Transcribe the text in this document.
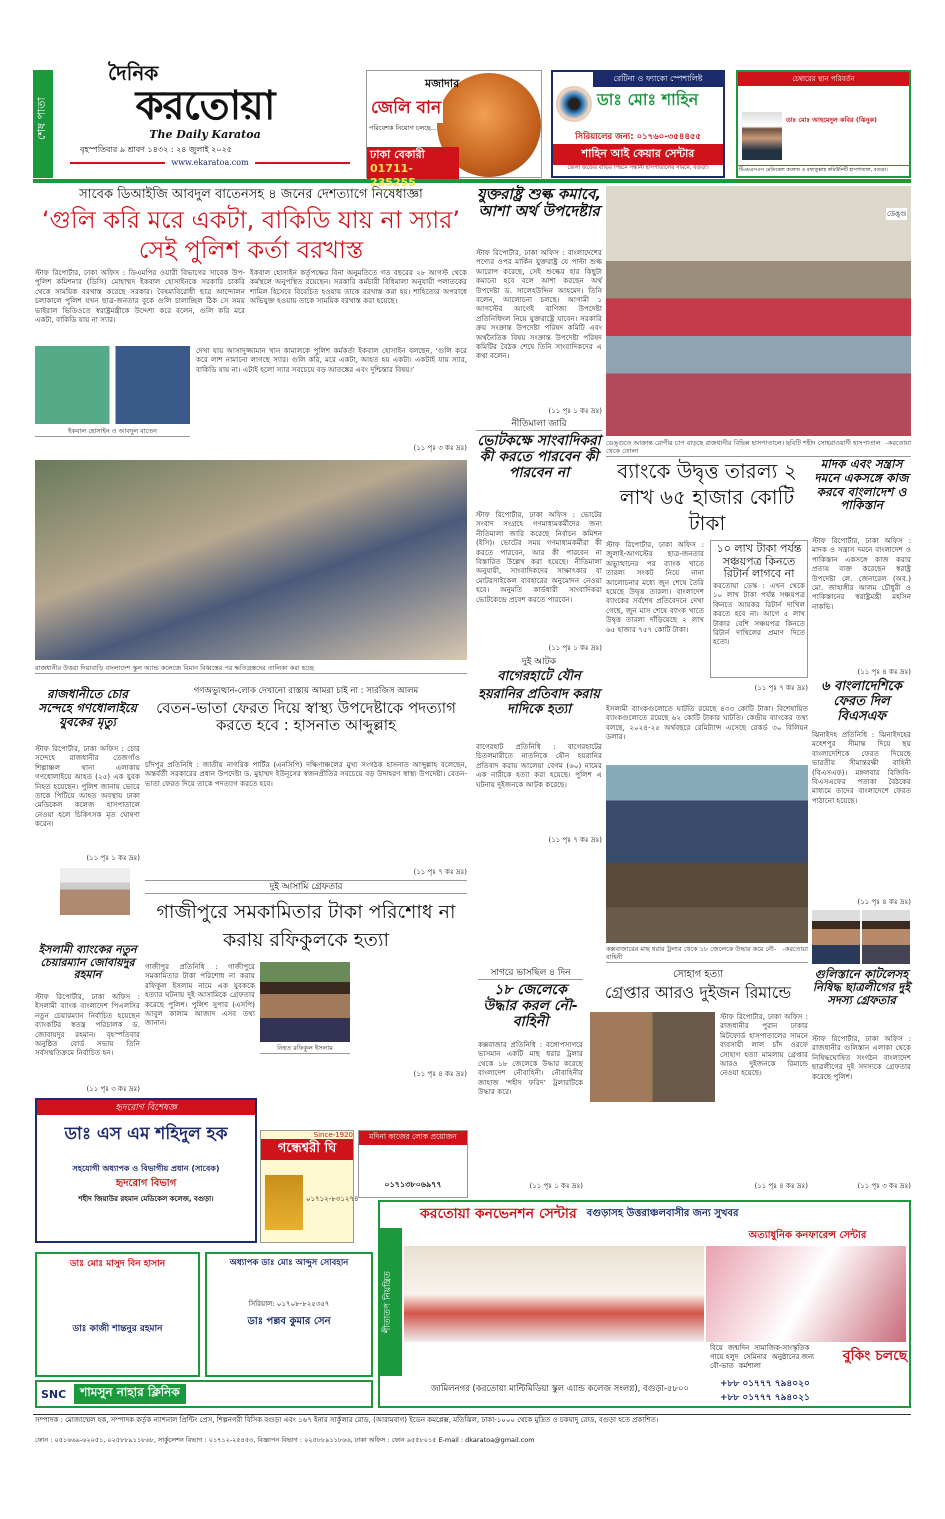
শেষ পাতা
দৈনিক
করতোয়া
The Daily Karatoa
বৃহস্পতিবার ৯ শ্রাবণ ১৪৩২ : ২৪ জুলাই ২০২৫
www.ekaratoa.com
মজাদার
জেলি বান
পরিবেশক নিয়োগ চলছে...
ঢাকা বেকারী
01711-235255
রেটিনা ও ফ্যাকো স্পেশালিষ্ট
ডাঃ মোঃ শাহিন
সিরিয়ালের জন্য: ০১৭৬০-৩৫৪৪৫৫
শাহিন আই কেয়ার সেন্টার
জেলা জজের বাড়ির পিছনে সন্ধানী হাসপাতালের সামনে, বগুড়া।
চেম্বারের স্থান পরিবর্তন
ডাঃ মোঃ আহমেদুল কবির (ঝিনুক)
টিএমএসএস মেডিকেল কলেজ ও রফাতুল্লাহ কমিউনিটি হাসপাতাল, বগুড়া।
সাবেক ডিআইজি আবদুল বাতেনসহ ৪ জনের দেশত্যাগে নিষেধাজ্ঞা
‘গুলি করি মরে একটা, বাকিডি যায় না স্যার’ সেই পুলিশ কর্তা বরখাস্ত
স্টাফ রিপোর্টার, ঢাকা অফিস : ডিএমপির ওয়ারী বিভাগের সাবেক উপ-পুলিশ কমিশনার (ডিসি) মোহাম্মদ ইকবাল হোসাইনকে সরকারি চাকরি থেকে সাময়িক বরখাস্ত করেছে সরকার। বৈষম্যবিরোধী ছাত্র আন্দোলন চলাকালে পুলিশ যখন ছাত্র-জনতার বুকে গুলি চালাচ্ছিল ঠিক সে সময় ভাইরাল ভিডিওতে স্বরাষ্ট্রমন্ত্রীকে উদ্দেশ্য করে বলেন, গুলি করি মরে একটা, বাকিডি যায় না স্যার।
ইকবাল হোসাইন কর্তৃপক্ষের বিনা অনুমতিতে গত বছরের ২৮ আগস্ট থেকে কর্মস্থলে অনুপস্থিত রয়েছেন। সরকারি কর্মচারী বিধিমালা অনুযায়ী পলাতকের শামিল হিসেবে বিবেচিত হওয়ায় তাকে বরখাস্ত করা হয়। শাহিত্যের অপরাধে অভিযুক্ত হওয়ায় তাকে সাময়িক বরখাস্ত করা হয়েছে।
ইকবাল হোসাইন ও আবদুল বাতেন
দেখা যায় আসাদুজ্জামান খান কামালকে পুলিশ কর্মকর্তা ইকবাল হোসাইন বলছেন, ‘গুলি করে করে লাশ নামানো লাগছে স্যার। গুলি করি, মরে একটা, আহত হয় একটা। একটাই যায় স্যার, বাকিডি যায় না। এটাই হলো স্যার সবচেয়ে বড় আতঙ্কের এবং দুশ্চিন্তার বিষয়।’
(১১ পৃঃ ৩ কঃ দ্রঃ)
যুক্তরাষ্ট্র শুল্ক কমাবে, আশা অর্থ উপদেষ্টার
স্টাফ রিপোর্টার, ঢাকা অফিস : বাংলাদেশের পণ্যের ওপর মার্কিন যুক্তরাষ্ট্র যে পাল্টা শুল্ক আরোপ করেছে, সেই শুল্কের হার কিছুটা কমানো হবে বলে আশা করছেন অর্থ উপদেষ্টা ড. সালেহউদ্দিন আহমেদ। তিনি বলেন, আলোচনা চলছে। আগামী ১ আগস্টের আগেই বাণিজ্য উপদেষ্টা প্রতিনিধিদল নিয়ে যুক্তরাষ্ট্রে যাবেন। সরকারি ক্রয় সংক্রান্ত উপদেষ্টা পরিষদ কমিটি এবং অর্থনৈতিক বিষয় সংক্রান্ত উপদেষ্টা পরিষদ কমিটির বৈঠক শেষে তিনি সাংবাদিকদের এ কথা বলেন।
(১১ পৃঃ ১ কঃ দ্রঃ)
ডেঙ্গু
ডেঙ্গুতে আক্রান্ত রোগীর চাপ বাড়ছে রাজধানীর বিভিন্ন হাসপাতালে। ছবিটি শহীদ সোহরাওয়ার্দী হাসপাতাল থেকে তোলা
-করতোয়া
নীতিমালা জারি
ভোটকক্ষে সাংবাদিকরা কী করতে পারবেন কী পারবেন না
স্টাফ রিপোর্টার, ঢাকা অফিস : ভোটের সংবাদ সংগ্রহে গণমাধ্যমকর্মীদের জন্য নীতিমালা জারি করেছে নির্বাচন কমিশন (ইসি)। ভোটের সময় গণমাধ্যমকর্মীরা কী করতে পারবেন, আর কী পারবেন না বিস্তারিত উল্লেখ করা হয়েছে। নীতিমালা অনুযায়ী, সাংবাদিকদের সাক্ষাৎকার বা মোটরসাইকেল ব্যবহারের অনুমোদন নেওয়া হবে। অনুমতি কার্ডধারী সাংবাদিকরা ভোটকেন্দ্রে প্রবেশ করতে পারবেন।
(১১ পৃঃ ১ কঃ দ্রঃ)
রাজধানীর উত্তরা দিয়াবাড়ি বাংলাদেশ স্কুল অ্যান্ড কলেজে বিমান বিধ্বস্তের পর ক্ষতিগ্রস্তদের তালিকা করা হচ্ছে
ব্যাংকে উদ্বৃত্ত তারল্য ২ লাখ ৬৫ হাজার কোটি টাকা
স্টাফ রিপোর্টার, ঢাকা অফিস : জুলাই-আগস্টের ছাত্র-জনতার অভ্যুত্থানের পর ব্যাংক খাতে তারল্য সংকট নিয়ে নানা আলোচনার মধ্যে জুন শেষে তৈরি হয়েছে উদ্বৃত্ত তারল্য। বাংলাদেশ ব্যাংকের সর্বশেষ প্রতিবেদনে দেখা গেছে, জুন মাস শেষে ব্যাংক খাতে উদ্বৃত্ত তারল্য দাঁড়িয়েছে ২ লাখ ৬৫ হাজার ৭৫৭ কোটি টাকা।
১০ লাখ টাকা পর্যন্ত সঞ্চয়পত্র কিনতে রিটার্ন লাগবে না
করতোয়া ডেস্ক : এখন থেকে ১০ লাখ টাকা পর্যন্ত সঞ্চয়পত্র কিনতে আয়কর রিটার্ন দাখিল করতে হবে না। আগে ৫ লাখ টাকার বেশি সঞ্চয়পত্র কিনতে রিটার্ন দাখিলের প্রমাণ দিতে হতো।
(১১ পৃঃ ৭ কঃ দ্রঃ)
ইসলামী ব্যাংকগুলোতে ঘাটতি রয়েছে ৪৩৩ কোটি টাকা। বিশেষায়িত ব্যাংকগুলোতে রয়েছে ৬২ কোটি টাকার ঘাটতি। কেন্দ্রীয় ব্যাংকের তথ্য বলছে, ২০২৪-২৫ অর্থবছরে রেমিট্যান্স এসেছে রেকর্ড ৩০ বিলিয়ন ডলার।
মাদক এবং সন্ত্রাস দমনে একসঙ্গে কাজ করবে বাংলাদেশ ও পাকিস্তান
স্টাফ রিপোর্টার, ঢাকা অফিস : মাদক ও সন্ত্রাস দমনে বাংলাদেশ ও পাকিস্তান একসঙ্গে কাজ করার প্রত্যয় ব্যক্ত করেছেন স্বরাষ্ট্র উপদেষ্টা লে. জেনারেল (অব.) মো. জাহাঙ্গীর আলম চৌধুরী ও পাকিস্তানের স্বরাষ্ট্রমন্ত্রী মহসিন নাকভি।
(১১ পৃঃ ৪ কঃ দ্রঃ)
৬ বাংলাদেশিকে ফেরত দিল বিএসএফ
ঝিনাইদহ প্রতিনিধি : ঝিনাইদহের মহেশপুর সীমান্ত দিয়ে ছয় বাংলাদেশিকে ফেরত দিয়েছে ভারতীয় সীমান্তরক্ষী বাহিনী (বিএসএফ)। মঙ্গলবার বিজিবি-বিএসএফের পতাকা বৈঠকের মাধ্যমে তাদের বাংলাদেশে ফেরত পাঠানো হয়েছে।
(১১ পৃঃ ৪ কঃ দ্রঃ)
রাজধানীতে চোর সন্দেহে গণধোলাইয়ে যুবকের মৃত্যু
স্টাফ রিপোর্টার, ঢাকা অফিস : চোর সন্দেহে রাজধানীর তেজগাঁও শিল্পাঞ্চল থানা এলাকায় গণধোলাইয়ে আহত (২৫) এক যুবক নিহত হয়েছেন। পুলিশ জানায় ভোরে তাকে পিটিয়ে আহত অবস্থায় ঢাকা মেডিকেল কলেজ হাসপাতালে নেওয়া হলে চিকিৎসক মৃত ঘোষণা করেন।
(১১ পৃঃ ১ কঃ দ্রঃ)
গণঅভ্যুত্থান-লোক দেখানো রাস্তায় আমরা চাই না : সারজিস আলম
বেতন-ভাতা ফেরত দিয়ে স্বাস্থ্য উপদেষ্টাকে পদত্যাগ করতে হবে : হাসনাত আব্দুল্লাহ
চাঁদপুর প্রতিনিধি : জাতীয় নাগরিক পার্টির (এনসিপি) দক্ষিণাঞ্চলের মুখ্য সংগঠক হাসনাত আব্দুল্লাহ বলেছেন, অন্তর্বর্তী সরকারের প্রধান উপদেষ্টা ড. মুহাম্মদ ইউনূসের স্বজনপ্রীতির সবচেয়ে বড় উদাহরণ স্বাস্থ্য উপদেষ্টা। বেতন-ভাতা ফেরত দিয়ে তাকে পদত্যাগ করতে হবে।
(১১ পৃঃ ৭ কঃ দ্রঃ)
দুই আটক
বাগেরহাটে যৌন
হয়রানির প্রতিবাদ করায় দাদিকে হত্যা
বাগেরহাট প্রতিনিধি : বাগেরহাটের চিতলমারীতে নাতনিকে যৌন হয়রানির প্রতিবাদ করায় আলেয়া বেগম (৬০) নামের এক নারীকে হত্যা করা হয়েছে। পুলিশ এ ঘটনায় দুইজনকে আটক করেছে।
(১১ পৃঃ ৭ কঃ দ্রঃ)
কক্সবাজারের মাছ ধরার ট্রলার থেকে ১৮ জেলেকে উদ্ধার করে নৌ-বাহিনী
-করতোয়া
দুই আসামি গ্রেফতার
গাজীপুরে সমকামিতার টাকা পরিশোধ না করায় রফিকুলকে হত্যা
গাজীপুর প্রতিনিধি : গাজীপুরে সমকামিতার টাকা পরিশোধ না করায় রফিকুল ইসলাম নামে এক যুবককে হত্যার ঘটনায় দুই আসামিকে গ্রেফতার করেছে পুলিশ। পুলিশ সুপার (এসপি) আবুল কালাম আজাদ এসব তথ্য জানান।
নিহত রফিকুল ইসলাম
(১১ পৃঃ ৪ কঃ দ্রঃ)
ইসলামী ব্যাংকের নতুন চেয়ারম্যান জোবায়দুর রহমান
স্টাফ রিপোর্টার, ঢাকা অফিস : ইসলামী ব্যাংক বাংলাদেশ পিএলসির নতুন চেয়ারম্যান নির্বাচিত হয়েছেন ব্যাংকটির স্বতন্ত্র পরিচালক ড. জোবায়দুর রহমান। বৃহস্পতিবার অনুষ্ঠিত বোর্ড সভায় তিনি সর্বসম্মতিক্রমে নির্বাচিত হন।
(১১ পৃঃ ৩ কঃ দ্রঃ)
সাগরে ভাসছিল ৪ দিন
১৮ জেলেকে উদ্ধার করল নৌ-বাহিনী
কক্সবাজার প্রতিনিধি : বঙ্গোপসাগরে ভাসমান একটি মাছ ধরার ট্রলার থেকে ১৮ জেলেকে উদ্ধার করেছে বাংলাদেশ নৌবাহিনী। নৌবাহিনীর জাহাজ ‘শহীদ ফরিদ’ ট্রলারটিকে উদ্ধার করে।
(১১ পৃঃ ১ কঃ দ্রঃ)
সোহাগ হত্যা
গ্রেপ্তার আরও দুইজন রিমান্ডে
স্টাফ রিপোর্টার, ঢাকা অফিস : রাজধানীর পুরান ঢাকার মিটফোর্ড হাসপাতালের সামনে ব্যবসায়ী লাল চাঁদ ওরফে সোহাগ হত্যা মামলায় গ্রেপ্তার আরও দুইজনকে রিমান্ডে নেওয়া হয়েছে।
(১১ পৃঃ ৪ কঃ দ্রঃ)
গুলিস্তানে কাটলেসহ নিষিদ্ধ ছাত্রলীগের দুই সদস্য গ্রেফতার
স্টাফ রিপোর্টার, ঢাকা অফিস : রাজধানীর গুলিস্তান এলাকা থেকে নিষিদ্ধঘোষিত সংগঠন বাংলাদেশ ছাত্রলীগের দুই সদস্যকে গ্রেফতার করেছে পুলিশ।
(১১ পৃঃ ৩ কঃ দ্রঃ)
হৃদরোগ বিশেষজ্ঞ
ডাঃ এস এম শহিদুল হক
সহযোগী অধ্যাপক ও বিভাগীয় প্রধান (সাবেক)
হৃদরোগ বিভাগ
শহীদ জিয়াউর রহমান মেডিকেল কলেজ, বগুড়া।
Since-1920
গন্ধেশ্বরী ঘি
০১৭১২-৮৩১২৭৪
মদিনা কাজের লোক প্রয়োজন
০১৭১৩৮০৬৯৭৭
ডাঃ মোঃ মাসুদ বিন হাসান
ডাঃ কাজী শান্তনুর রহমান
অধ্যাপক ডাঃ মোঃ আব্দুস সোবহান
সিরিয়াল: ০১৭০৮-৮২৫৩৫৭
ডাঃ পল্লব কুমার সেন
SNC	শামসুন নাহার ক্লিনিক
করতোয়া কনভেনশন সেন্টার বগুড়াসহ উত্তরাঞ্চলবাসীর জন্য সুখবর
শীতাতপ নিয়ন্ত্রিত
অত্যাধুনিক কনফারেন্স সেন্টার
বিয়ে জন্মদিন সামাজিক-সাংস্কৃতিক
গায়ে হলুদ সেমিনার অনুষ্ঠানের জন্য
বৌ-ভাত কর্মশালা
বুকিং চলছে
জামিলনগর (করতোয়া মাল্টিমিডিয়া স্কুল এ্যান্ড কলেজ সংলগ্ন), বগুড়া-৫৮০০	+৮৮ ০১৭৭৭ ৭৯৪০২০
+৮৮ ০১৭৭৭ ৭৯৪০২১
সম্পাদক : মোজাম্মেল হক, সম্পাদক কর্তৃক ন্যাশনাল প্রিন্টিং প্রেস, শিল্পনগরী বিসিক বগুড়া এবং ১৬৭ ইনার সার্কুলার রোড, (আরামবাগ) ইডেন কমপ্লেক্স, মতিঝিল, ঢাকা-১০০০ থেকে মুদ্রিত ও চকযাদু রোড, বগুড়া হতে প্রকাশিত।
ফোন : ০৫১৬৬৯-৬২০৫১, ০২৫৮৮৯১১৮৬৮, সার্কুলেশন বিভাগ : ০১৭১২-২৫৪৫৩, বিজ্ঞাপন বিভাগ : ০২৫৮৮৯১১৮৬৬, ঢাকা অফিস : ফোন ৯৫৫৮০১৫ E-mail : dkaratoa@gmail.com
